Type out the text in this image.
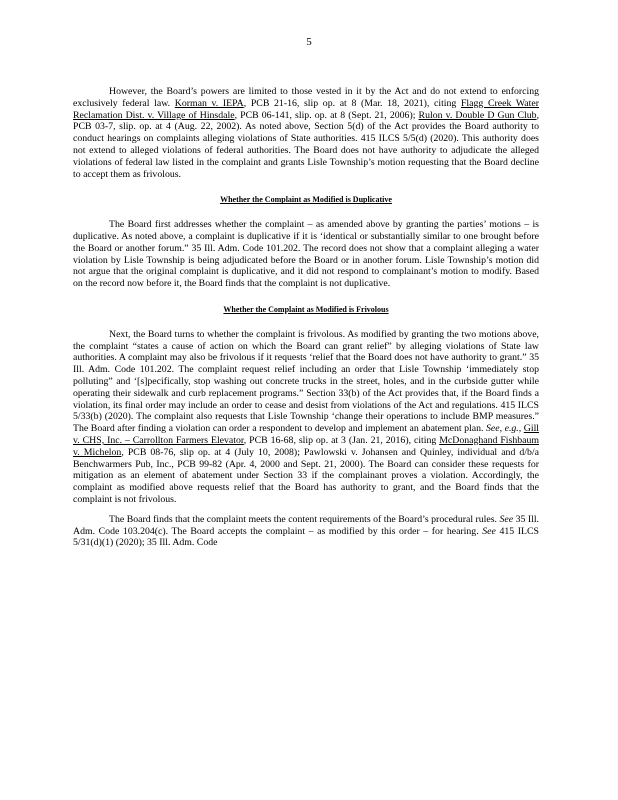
5

However, the Board’s powers are limited to those vested in it by the Act and do not extend to enforcing exclusively federal law. Korman v. IEPA, PCB 21-16, slip op. at 8 (Mar. 18, 2021), citing Flagg Creek Water Reclamation Dist. v. Village of Hinsdale, PCB 06-141, slip. op. at 8 (Sept. 21, 2006); Rulon v. Double D Gun Club, PCB 03-7, slip. op. at 4 (Aug. 22, 2002). As noted above, Section 5(d) of the Act provides the Board authority to conduct hearings on complaints alleging violations of State authorities. 415 ILCS 5/5(d) (2020). This authority does not extend to alleged violations of federal authorities. The Board does not have authority to adjudicate the alleged violations of federal law listed in the complaint and grants Lisle Township’s motion requesting that the Board decline to accept them as frivolous.

Whether the Complaint as Modified is Duplicative

The Board first addresses whether the complaint – as amended above by granting the parties’ motions – is duplicative. As noted above, a complaint is duplicative if it is ‘identical or substantially similar to one brought before the Board or another forum.” 35 Ill. Adm. Code 101.202. The record does not show that a complaint alleging a water violation by Lisle Township is being adjudicated before the Board or in another forum. Lisle Township’s motion did not argue that the original complaint is duplicative, and it did not respond to complainant’s motion to modify. Based on the record now before it, the Board finds that the complaint is not duplicative.

Whether the Complaint as Modified is Frivolous

Next, the Board turns to whether the complaint is frivolous. As modified by granting the two motions above, the complaint “states a cause of action on which the Board can grant relief” by alleging violations of State law authorities. A complaint may also be frivolous if it requests ‘relief that the Board does not have authority to grant.” 35 Ill. Adm. Code 101.202. The complaint request relief including an order that Lisle Township ‘immediately stop polluting” and ‘[s]pecifically, stop washing out concrete trucks in the street, holes, and in the curbside gutter while operating their sidewalk and curb replacement programs.” Section 33(b) of the Act provides that, if the Board finds a violation, its final order may include an order to cease and desist from violations of the Act and regulations. 415 ILCS 5/33(b) (2020). The complaint also requests that Lisle Township ‘change their operations to include BMP measures.” The Board after finding a violation can order a respondent to develop and implement an abatement plan. See, e.g., Gill v. CHS, Inc. – Carrollton Farmers Elevator, PCB 16-68, slip op. at 3 (Jan. 21, 2016), citing McDonaghand Fishbaum v. Michelon, PCB 08-76, slip op. at 4 (July 10, 2008); Pawlowski v. Johansen and Quinley, individual and d/b/a Benchwarmers Pub, Inc., PCB 99-82 (Apr. 4, 2000 and Sept. 21, 2000). The Board can consider these requests for mitigation as an element of abatement under Section 33 if the complainant proves a violation. Accordingly, the complaint as modified above requests relief that the Board has authority to grant, and the Board finds that the complaint is not frivolous.

The Board finds that the complaint meets the content requirements of the Board’s procedural rules. See 35 Ill. Adm. Code 103.204(c). The Board accepts the complaint – as modified by this order – for hearing. See 415 ILCS 5/31(d)(1) (2020); 35 Ill. Adm. Code
